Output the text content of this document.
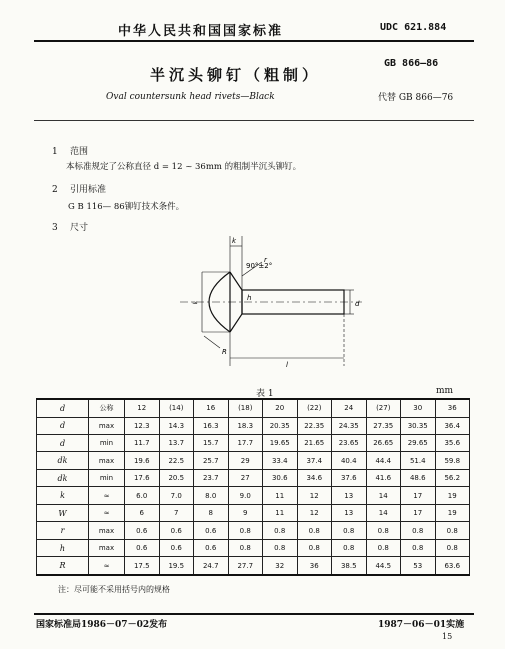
中华人民共和国国家标准	UDC 621.884
半沉头铆钉（粗制）
GB 866—86
Oval countersunk head rivets—Black	代替 GB 866—76
1 范围
本标准规定了公称直径 d = 12 ~ 36mm 的粗制半沉头铆钉。
2 引用标准
G B 116— 86铆钉技术条件。
3 尺寸
k
90°±2°
r
R
h
d
l
≈
表 1	mm
d	公称	12	(14)	16	(18)	20	(22)	24	(27)	30	36
d	max	12.3	14.3	16.3	18.3	20.35	22.35	24.35	27.35	30.35	36.4
d	min	11.7	13.7	15.7	17.7	19.65	21.65	23.65	26.65	29.65	35.6
dk	max	19.6	22.5	25.7	29	33.4	37.4	40.4	44.4	51.4	59.8
dk	min	17.6	20.5	23.7	27	30.6	34.6	37.6	41.6	48.6	56.2
k	≈	6.0	7.0	8.0	9.0	11	12	13	14	17	19
W	≈	6	7	8	9	11	12	13	14	17	19
r	max	0.6	0.6	0.6	0.8	0.8	0.8	0.8	0.8	0.8	0.8
h	max	0.6	0.6	0.6	0.8	0.8	0.8	0.8	0.8	0.8	0.8
R	≈	17.5	19.5	24.7	27.7	32	36	38.5	44.5	53	63.6
注：尽可能不采用括号内的规格
国家标准局1986－07－02发布	1987－06－01实施
15
